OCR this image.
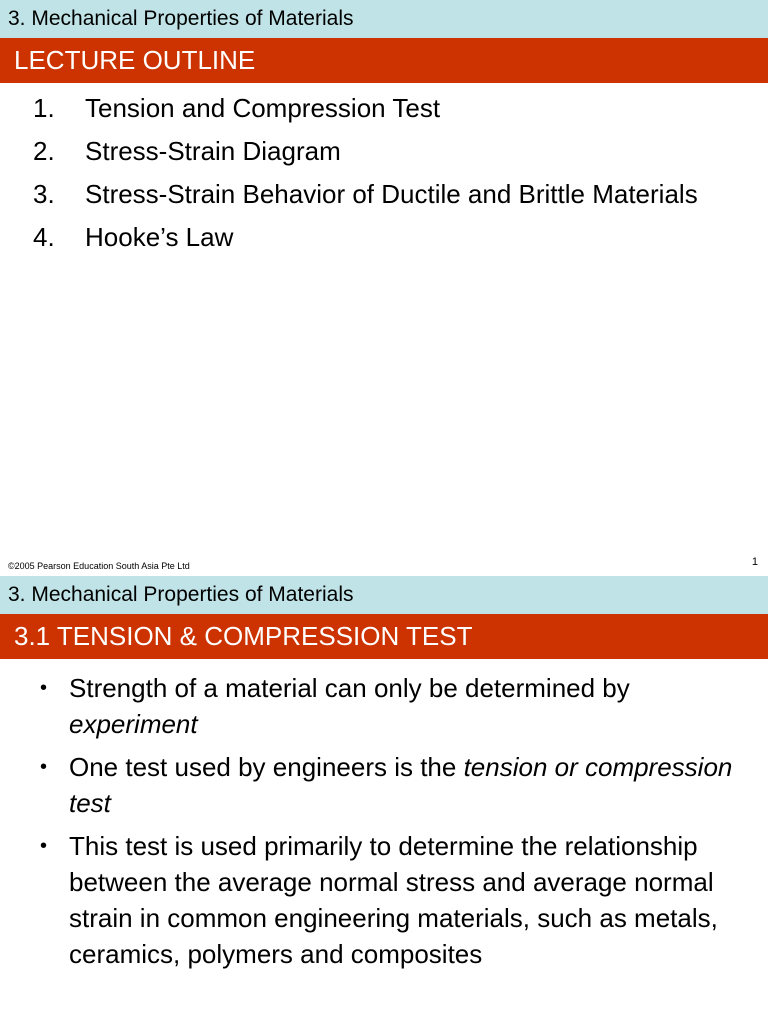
3. Mechanical Properties of Materials
LECTURE OUTLINE
1. Tension and Compression Test
2. Stress-Strain Diagram
3. Stress-Strain Behavior of Ductile and Brittle Materials
4. Hooke’s Law
©2005 Pearson Education South Asia Pte Ltd	1
3. Mechanical Properties of Materials
3.1 TENSION & COMPRESSION TEST
• Strength of a material can only be determined by experiment
• One test used by engineers is the tension or compression test
• This test is used primarily to determine the relationship between the average normal stress and average normal strain in common engineering materials, such as metals, ceramics, polymers and composites
